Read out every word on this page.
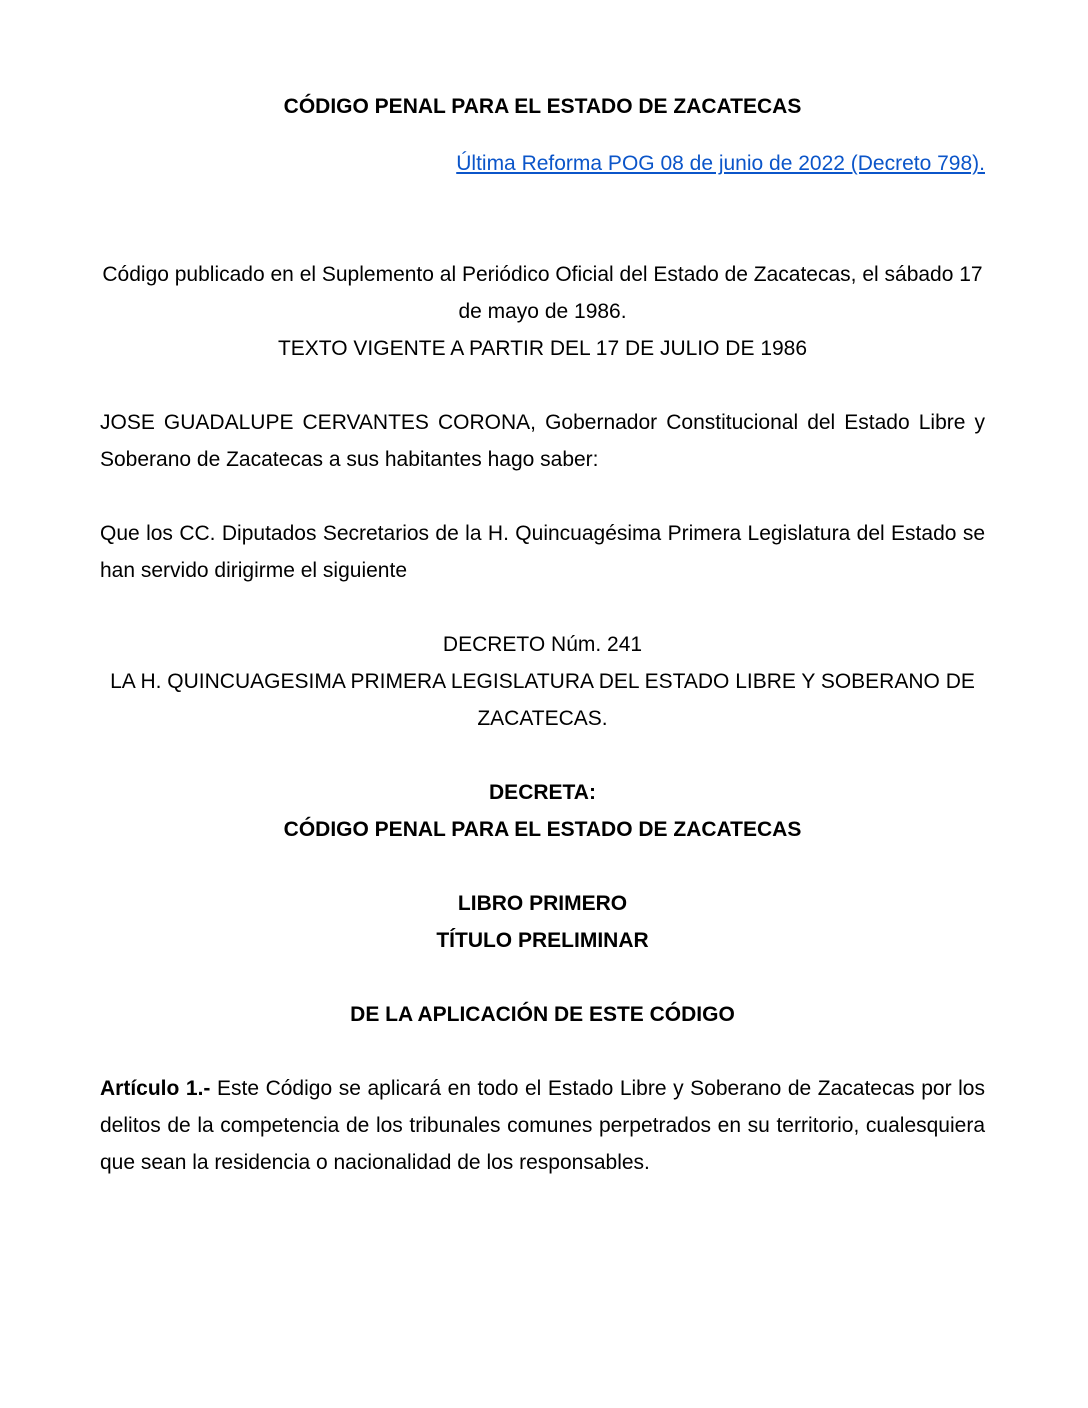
CÓDIGO PENAL PARA EL ESTADO DE ZACATECAS

Última Reforma POG 08 de junio de 2022 (Decreto 798).

Código publicado en el Suplemento al Periódico Oficial del Estado de Zacatecas, el sábado 17 de mayo de 1986.

TEXTO VIGENTE A PARTIR DEL 17 DE JULIO DE 1986

JOSE GUADALUPE CERVANTES CORONA, Gobernador Constitucional del Estado Libre y Soberano de Zacatecas a sus habitantes hago saber:

Que los CC. Diputados Secretarios de la H. Quincuagésima Primera Legislatura del Estado se han servido dirigirme el siguiente

DECRETO Núm. 241

LA H. QUINCUAGESIMA PRIMERA LEGISLATURA DEL ESTADO LIBRE Y SOBERANO DE ZACATECAS.

DECRETA:

CÓDIGO PENAL PARA EL ESTADO DE ZACATECAS

LIBRO PRIMERO

TÍTULO PRELIMINAR

DE LA APLICACIÓN DE ESTE CÓDIGO

Artículo 1.- Este Código se aplicará en todo el Estado Libre y Soberano de Zacatecas por los delitos de la competencia de los tribunales comunes perpetrados en su territorio, cualesquiera que sean la residencia o nacionalidad de los responsables.
